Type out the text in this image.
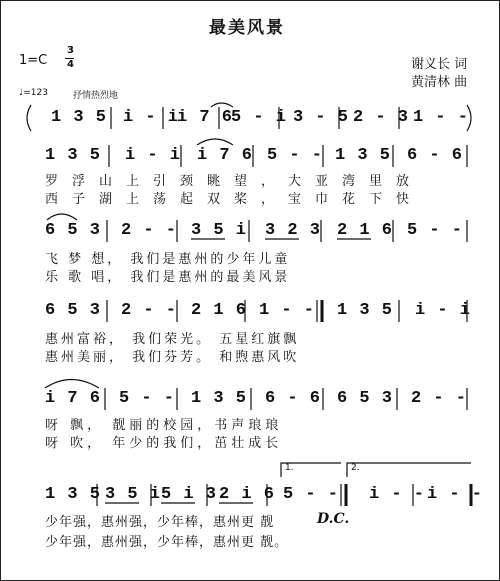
最美风景
1=C
3
4	谢义长 词
黄清林 曲
♩=123	抒情热烈地
1 3 5 i - i
i 7 6
5 - i 3 - 5 2 - 3 1 - -
1 3 5 i - i i 7 6 5 - - 1 3 5 6 - 6
罗浮山上引颈眺望，大亚湾里放
西子湖上荡起双桨，宝巾花下快
6 5 3 2 - - 3 5 i 3 2 3 2 1 6 5 - -
飞 梦 想， 我们是惠州的少年儿童
乐 歌 唱， 我们是惠州的最美风景
6 5 3 2 - - 2 1 6 1 - - 1 3 5 i - i
惠州富裕， 我们荣光。 五星红旗飘
惠州美丽， 我们芬芳。 和煦惠风吹
i 7 6 5 - - 1 3 5 6 - 6 6 5 3 2 - -
呀 飘， 靓丽的校园，书声琅琅
呀 吹， 年少的我们，茁壮成长
1 3 5 3 5 i 5 i 3 2 i 6 5 - - i - - i - -
少年强，惠州强，少年棒，惠州更 靓
少年强，惠州强，少年棒，惠州更 靓。
1.	2.
D.C.
